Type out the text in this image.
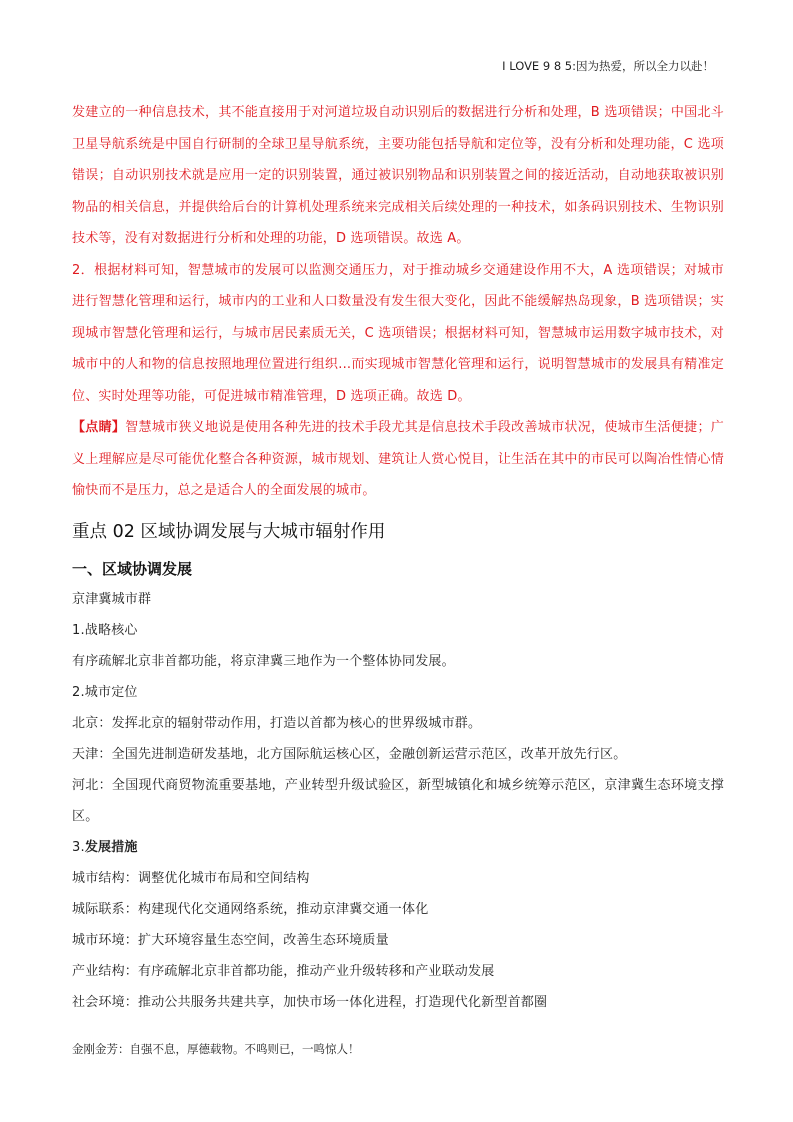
I LOVE 9 8 5:因为热爱，所以全力以赴！

发建立的一种信息技术，其不能直接用于对河道垃圾自动识别后的数据进行分析和处理，B 选项错误；中国北斗卫星导航系统是中国自行研制的全球卫星导航系统，主要功能包括导航和定位等，没有分析和处理功能，C 选项错误；自动识别技术就是应用一定的识别装置，通过被识别物品和识别装置之间的接近活动，自动地获取被识别物品的相关信息，并提供给后台的计算机处理系统来完成相关后续处理的一种技术，如条码识别技术、生物识别技术等，没有对数据进行分析和处理的功能，D 选项错误。故选 A。

2．根据材料可知，智慧城市的发展可以监测交通压力，对于推动城乡交通建设作用不大，A 选项错误；对城市进行智慧化管理和运行，城市内的工业和人口数量没有发生很大变化，因此不能缓解热岛现象，B 选项错误；实现城市智慧化管理和运行，与城市居民素质无关，C 选项错误；根据材料可知，智慧城市运用数字城市技术，对城市中的人和物的信息按照地理位置进行组织...而实现城市智慧化管理和运行，说明智慧城市的发展具有精准定位、实时处理等功能，可促进城市精准管理，D 选项正确。故选 D。

【点睛】智慧城市狭义地说是使用各种先进的技术手段尤其是信息技术手段改善城市状况，使城市生活便捷；广义上理解应是尽可能优化整合各种资源，城市规划、建筑让人赏心悦目，让生活在其中的市民可以陶冶性情心情愉快而不是压力，总之是适合人的全面发展的城市。

重点 02 区域协调发展与大城市辐射作用
一、区域协调发展

京津冀城市群

1.战略核心

有序疏解北京非首都功能，将京津冀三地作为一个整体协同发展。

2.城市定位

北京：发挥北京的辐射带动作用，打造以首都为核心的世界级城市群。

天津：全国先进制造研发基地，北方国际航运核心区，金融创新运营示范区，改革开放先行区。

河北：全国现代商贸物流重要基地，产业转型升级试验区，新型城镇化和城乡统筹示范区，京津冀生态环境支撑区。

3.发展措施

城市结构：调整优化城市布局和空间结构

城际联系：构建现代化交通网络系统，推动京津冀交通一体化

城市环境：扩大环境容量生态空间，改善生态环境质量

产业结构：有序疏解北京非首都功能，推动产业升级转移和产业联动发展

社会环境：推动公共服务共建共享，加快市场一体化进程，打造现代化新型首都圈

金刚金芳：自强不息，厚德载物。不鸣则已，一鸣惊人！
